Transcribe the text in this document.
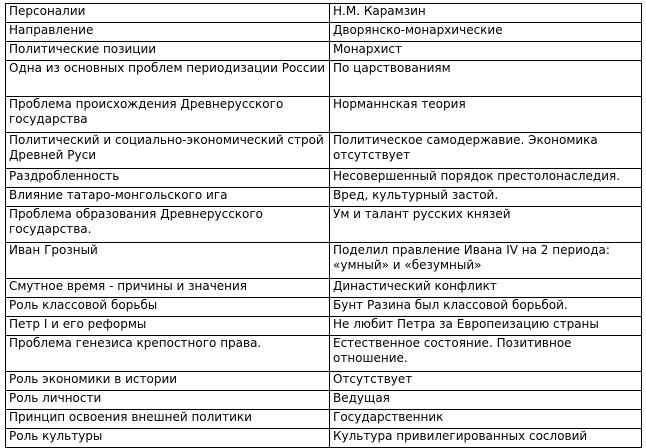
Персоналии	Н.М. Карамзин
Направление	Дворянско-монархические
Политические позиции	Монархист
Одна из основных проблем периодизации России	По царствованиям
Проблема происхождения Древнерусского государства	Норманнская теория
Политический и социально-экономический строй Древней Руси	Политическое самодержавие. Экономика отсутствует
Раздробленность	Несовершенный порядок престолонаследия.
Влияние татаро-монгольского ига	Вред, культурный застой.
Проблема образования Древнерусского государства.	Ум и талант русских князей
Иван Грозный	Поделил правление Ивана IV на 2 периода: «умный» и «безумный»
Смутное время - причины и значения	Династический конфликт
Роль классовой борьбы	Бунт Разина был классовой борьбой.
Петр I и его реформы	Не любит Петра за Европеизацию страны
Проблема генезиса крепостного права.	Естественное состояние. Позитивное отношение.
Роль экономики в истории	Отсутствует
Роль личности	Ведущая
Принцип освоения внешней политики	Государственник
Роль культуры	Культура привилегированных сословий
